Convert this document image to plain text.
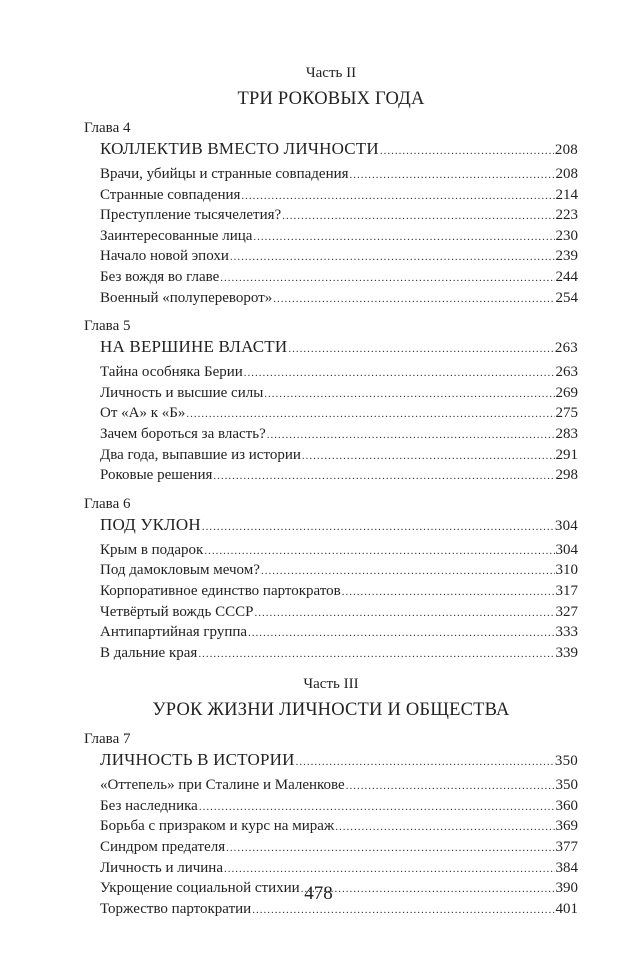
Часть II
ТРИ РОКОВЫХ ГОДА
Глава 4
КОЛЛЕКТИВ ВМЕСТО ЛИЧНОСТИ .....	208
Врачи, убийцы и странные совпадения .....	208
Странные совпадения .....	214
Преступление тысячелетия? .....	223
Заинтересованные лица .....	230
Начало новой эпохи .....	239
Без вождя во главе .....	244
Военный «полупереворот» .....	254
Глава 5
НА ВЕРШИНЕ ВЛАСТИ .....	263
Тайна особняка Берии .....	263
Личность и высшие силы .....	269
От «А» к «Б» .....	275
Зачем бороться за власть? .....	283
Два года, выпавшие из истории .....	291
Роковые решения .....	298
Глава 6
ПОД УКЛОН .....	304
Крым в подарок .....	304
Под дамокловым мечом? .....	310
Корпоративное единство партократов .....	317
Четвёртый вождь СССР .....	327
Антипартийная группа .....	333
В дальние края .....	339
Часть III
УРОК ЖИЗНИ ЛИЧНОСТИ И ОБЩЕСТВА
Глава 7
ЛИЧНОСТЬ В ИСТОРИИ .....	350
«Оттепель» при Сталине и Маленкове .....	350
Без наследника .....	360
Борьба с призраком и курс на мираж .....	369
Синдром предателя .....	377
Личность и личина .....	384
Укрощение социальной стихии .....	390
Торжество партократии .....	401
478
